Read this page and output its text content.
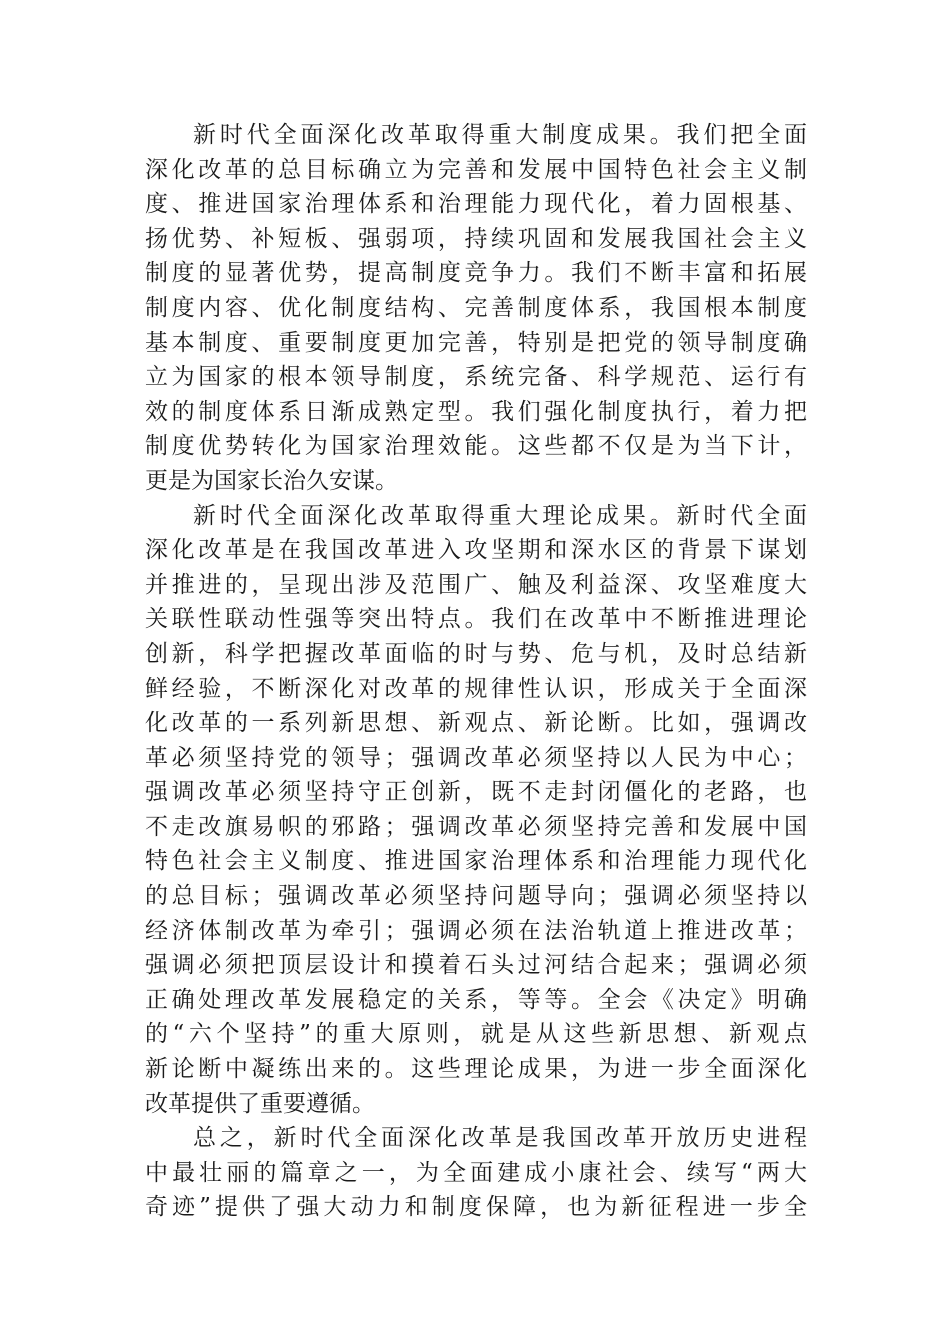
新时代全面深化改革取得重大制度成果。我们把全面
深化改革的总目标确立为完善和发展中国特色社会主义制
度、推进国家治理体系和治理能力现代化，着力固根基、
扬优势、补短板、强弱项，持续巩固和发展我国社会主义
制度的显著优势，提高制度竞争力。我们不断丰富和拓展
制度内容、优化制度结构、完善制度体系，我国根本制度
基本制度、重要制度更加完善，特别是把党的领导制度确
立为国家的根本领导制度，系统完备、科学规范、运行有
效的制度体系日渐成熟定型。我们强化制度执行，着力把
制度优势转化为国家治理效能。这些都不仅是为当下计，
更是为国家长治久安谋。
新时代全面深化改革取得重大理论成果。新时代全面
深化改革是在我国改革进入攻坚期和深水区的背景下谋划
并推进的，呈现出涉及范围广、触及利益深、攻坚难度大
关联性联动性强等突出特点。我们在改革中不断推进理论
创新，科学把握改革面临的时与势、危与机，及时总结新
鲜经验，不断深化对改革的规律性认识，形成关于全面深
化改革的一系列新思想、新观点、新论断。比如，强调改
革必须坚持党的领导；强调改革必须坚持以人民为中心；
强调改革必须坚持守正创新，既不走封闭僵化的老路，也
不走改旗易帜的邪路；强调改革必须坚持完善和发展中国
特色社会主义制度、推进国家治理体系和治理能力现代化
的总目标；强调改革必须坚持问题导向；强调必须坚持以
经济体制改革为牵引；强调必须在法治轨道上推进改革；
强调必须把顶层设计和摸着石头过河结合起来；强调必须
正确处理改革发展稳定的关系，等等。全会《决定》明确
的“六个坚持”的重大原则，就是从这些新思想、新观点
新论断中凝练出来的。这些理论成果，为进一步全面深化
改革提供了重要遵循。
总之，新时代全面深化改革是我国改革开放历史进程
中最壮丽的篇章之一，为全面建成小康社会、续写“两大
奇迹”提供了强大动力和制度保障，也为新征程进一步全
